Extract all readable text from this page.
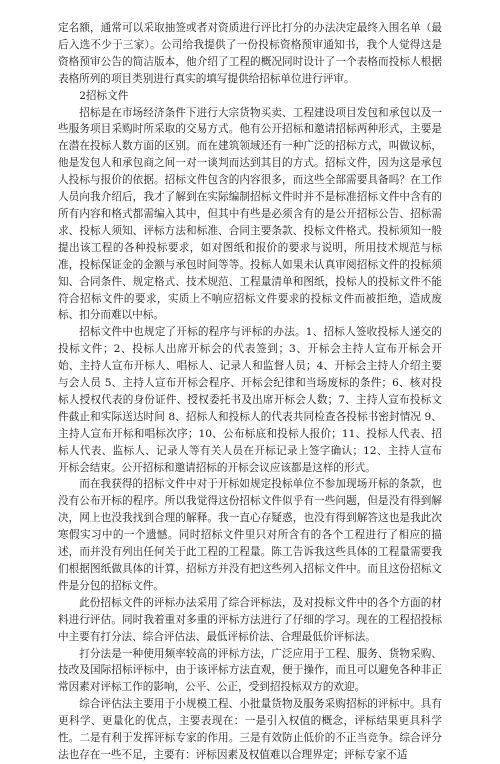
定名额，通常可以采取抽签或者对资质进行评比打分的办法决定最终入围名单（最后入选不少于三家）。公司给我提供了一份投标资格预审通知书，我个人觉得这是资格预审公告的简洁版本，他介绍了工程的概况同时设计了一个表格而投标人根据表格所列的项目类别进行真实的填写提供给招标单位进行评审。

2招标文件

招标是在市场经济条件下进行大宗货物买卖、工程建设项目发包和承包以及一些服务项目采购时所采取的交易方式。他有公开招标和邀请招标两种形式，主要是在潜在投标人数方面的区别。而在建筑领域还有一种广泛的招标方式，叫做议标，他是发包人和承包商之间一对一谈判而达到其目的方式。招标文件，因为这是承包人投标与报价的依据。招标文件包含的内容很多，而这些全部需要具备吗？在工作人员向我介绍后，我才了解到在实际编制招标文件时并不是标准招标文件中含有的所有内容和格式都需编入其中，但其中有些是必须含有的是公开招标公告、招标需求、投标人须知、评标方法和标准、合同主要条款、投标文件格式。投标须知一般提出该工程的各种投标要求，如对图纸和报价的要求与说明，所用技术规范与标准，投标保证金的金额与承包时间等等。投标人如果未认真审阅招标文件的投标须知、合同条件、规定格式、技术规范、工程量清单和图纸，投标人的投标文件不能符合招标文件的要求，实质上不响应招标文件要求的投标文件而被拒绝，造成废标、扣分而难以中标。

招标文件中也规定了开标的程序与评标的办法。1、招标人签收投标人递交的投标文件；2、投标人出席开标会的代表签到；3、开标会主持人宣布开标会开始、主持人宣布开标人、唱标人、记录人和监督人员；4、开标会主持人介绍主要与会人员 5、主持人宣布开标会程序、开标会纪律和当场废标的条件；6、核对投标人授权代表的身份证件、授权委托书及出席开标会人数；7、主持人宣布投标文件截止和实际送达时间 8、招标人和投标人的代表共同检查各投标书密封情况 9、主持人宣布开标和唱标次序；10、公布标底和投标人报价；11、投标人代表、招标人代表、监标人、记录人等有关人员在开标记录上签字确认；12、主持人宣布开标会结束。公开招标和邀请招标的开标会议应该都是这样的形式。

而在我获得的招标文件中对于开标如规定投标单位不参加现场开标的条款，也没有公布开标的程序。所以我觉得这份招标文件似乎有一些问题，但是没有得到解决，网上也没我找到合理的解释。我一直心存疑惑，也没有得到解答这也是我此次寒假实习中的一个遗憾。同时招标文件里只对所含有的各个工程进行了相应的描述，而并没有列出任何关于此工程的工程量。陈工告诉我这些具体的工程量需要我们根据图纸做具体的计算，招标方并没有把这些列入招标文件中。而且这份招标文件是分包的招标文件。

此份招标文件的评标办法采用了综合评标法，及对投标文件中的各个方面的材料进行评估。同时我着重对多重的评标方法进行了仔细的学习。现在的工程招投标中主要有打分法、综合评估法、最低评标价法、合理最低价评标法。

打分法是一种使用频率较高的评标方法，广泛应用于工程、服务、货物采购、技改及国际招标评标中，由于该评标方法直观，便于操作，而且可以避免各种非正常因素对评标工作的影响，公平、公正，受到招投标双方的欢迎。

综合评估法主要用于小规模工程、小批量货物及服务采购招标的评标中。具有更科学、更量化的优点，主要表现在：一是引入权值的概念，评标结果更具科学性。二是有利于发挥评标专家的作用。三是有效防止低价的不正当竞争。综合评分法也存在一些不足，主要有：评标因素及权值难以合理界定；评标专家不适
